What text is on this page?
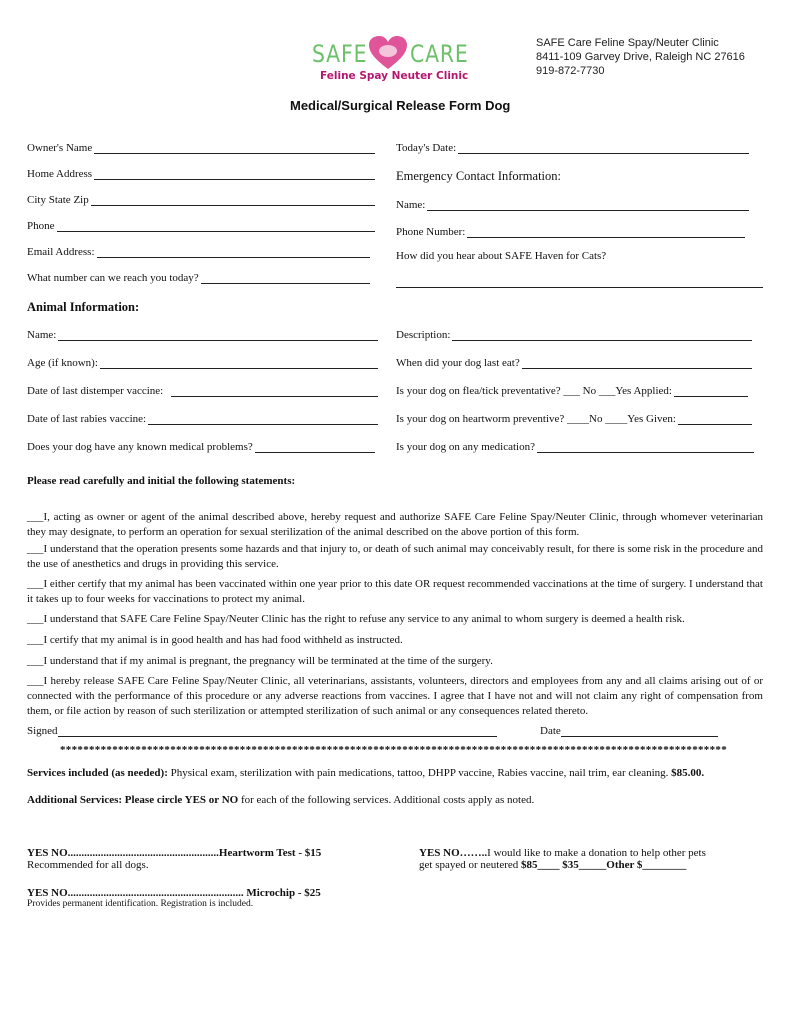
SAFE CARE
Feline Spay Neuter Clinic
SAFE Care Feline Spay/Neuter Clinic
8411-109 Garvey Drive, Raleigh NC 27616
919-872-7730
Medical/Surgical Release Form Dog
Owner's Name
Home Address
City State Zip
Phone
Email Address:
What number can we reach you today?
Today's Date:
Emergency Contact Information:
Name:
Phone Number:
How did you hear about SAFE Haven for Cats?
Animal Information:
Name:
Age (if known):
Date of last distemper vaccine:
Date of last rabies vaccine:
Does your dog have any known medical problems?
Description:
When did your dog last eat?
Is your dog on flea/tick preventative? ___ No ___Yes Applied:
Is your dog on heartworm preventive? ____No ____Yes Given:
Is your dog on any medication?
Please read carefully and initial the following statements:
___I, acting as owner or agent of the animal described above, hereby request and authorize SAFE Care Feline Spay/Neuter Clinic, through whomever veterinarian they may designate, to perform an operation for sexual sterilization of the animal described on the above portion of this form.
___I understand that the operation presents some hazards and that injury to, or death of such animal may conceivably result, for there is some risk in the procedure and the use of anesthetics and drugs in providing this service.
___I either certify that my animal has been vaccinated within one year prior to this date OR request recommended vaccinations at the time of surgery. I understand that it takes up to four weeks for vaccinations to protect my animal.
___I understand that SAFE Care Feline Spay/Neuter Clinic has the right to refuse any service to any animal to whom surgery is deemed a health risk.
___I certify that my animal is in good health and has had food withheld as instructed.
___I understand that if my animal is pregnant, the pregnancy will be terminated at the time of the surgery.
___I hereby release SAFE Care Feline Spay/Neuter Clinic, all veterinarians, assistants, volunteers, directors and employees from any and all claims arising out of or connected with the performance of this procedure or any adverse reactions from vaccines. I agree that I have not and will not claim any right of compensation from them, or file action by reason of such sterilization or attempted sterilization of such animal or any consequences related thereto.
Signed	Date
*******************************************************************************************************************
Services included (as needed): Physical exam, sterilization with pain medications, tattoo, DHPP vaccine, Rabies vaccine, nail trim, ear cleaning. $85.00.
Additional Services: Please circle YES or NO for each of the following services. Additional costs apply as noted.
YES NO.......................................................Heartworm Test - $15
Recommended for all dogs.
YES NO................................................................ Microchip - $25
Provides permanent identification. Registration is included.
YES NO……..I would like to make a donation to help other pets
get spayed or neutered $85____ $35_____Other $________
